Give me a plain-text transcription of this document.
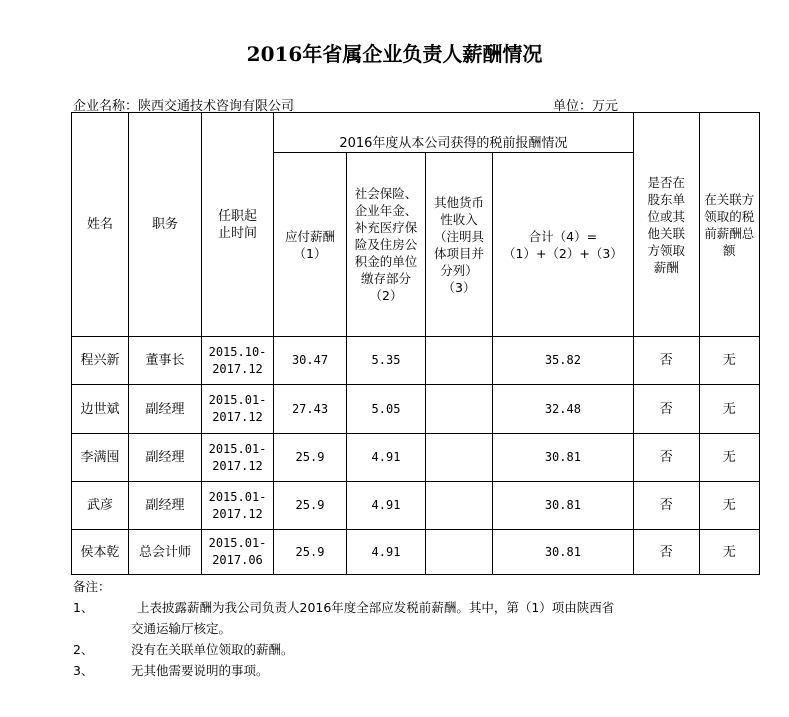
2016年省属企业负责人薪酬情况
企业名称：陕西交通技术咨询有限公司	单位：万元
姓名	职务	任职起止时间	2016年度从本公司获得的税前报酬情况				是否在股东单位或其他关联方领取薪酬	在关联方领取的税前薪酬总额

			应付薪酬（1）	社会保险、企业年金、补充医疗保险及住房公积金的单位缴存部分（2）	其他货币性收入（注明具体项目并分列）（3）	合计（4）=（1）+（2）+（3）		

程兴新	董事长	2015.10-
2017.12	30.47	5.35		35.82	否	无
边世斌	副经理	2015.01-
2017.12	27.43	5.05		32.48	否	无
李满囤	副经理	2015.01-
2017.12	25.9	4.91		30.81	否	无
武彦	副经理	2015.01-
2017.12	25.9	4.91		30.81	否	无
侯本乾	总会计师	2015.01-
2017.06	25.9	4.91		30.81	否	无
备注：
1、	上表披露薪酬为我公司负责人2016年度全部应发税前薪酬。其中，第（1）项由陕西省
交通运输厅核定。
2、	没有在关联单位领取的薪酬。
3、	无其他需要说明的事项。
